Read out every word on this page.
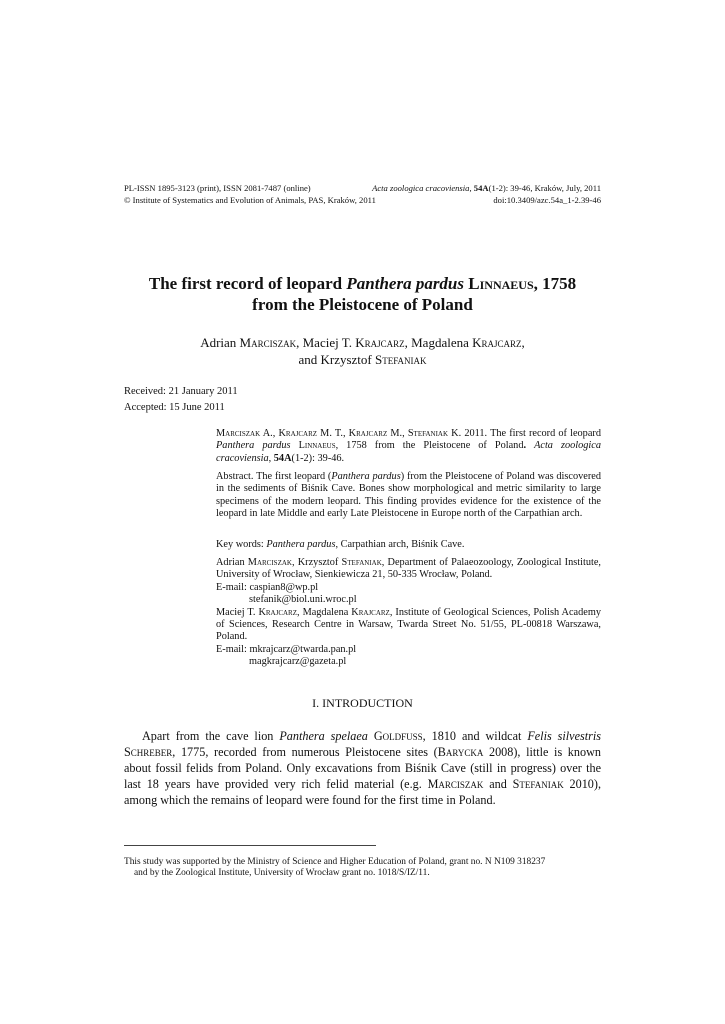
PL-ISSN 1895-3123 (print), ISSN 2081-7487 (online)	Acta zoologica cracoviensia, 54A(1-2): 39-46, Kraków, July, 2011
© Institute of Systematics and Evolution of Animals, PAS, Kraków, 2011	doi:10.3409/azc.54a_1-2.39-46
The first record of leopard Panthera pardus Linnaeus, 1758
from the Pleistocene of Poland
Adrian Marciszak, Maciej T. Krajcarz, Magdalena Krajcarz,
and Krzysztof Stefaniak
Received: 21 January 2011
Accepted: 15 June 2011
Marciszak A., Krajcarz M. T., Krajcarz M., Stefaniak K. 2011. The first record of leopard Panthera pardus Linnaeus, 1758 from the Pleistocene of Poland. Acta zoologica cracoviensia, 54A(1-2): 39-46.
Abstract. The first leopard (Panthera pardus) from the Pleistocene of Poland was discovered in the sediments of Biśnik Cave. Bones show morphological and metric similarity to large specimens of the modern leopard. This finding provides evidence for the existence of the leopard in late Middle and early Late Pleistocene in Europe north of the Carpathian arch.
Key words: Panthera pardus, Carpathian arch, Biśnik Cave.
Adrian Marciszak, Krzysztof Stefaniak, Department of Palaeozoology, Zoological Institute, University of Wrocław, Sienkiewicza 21, 50-335 Wrocław, Poland.
E-mail: caspian8@wp.pl
stefanik@biol.uni.wroc.pl
Maciej T. Krajcarz, Magdalena Krajcarz, Institute of Geological Sciences, Polish Academy of Sciences, Research Centre in Warsaw, Twarda Street No. 51/55, PL-00818 Warszawa, Poland.
E-mail: mkrajcarz@twarda.pan.pl
magkrajcarz@gazeta.pl
I. INTRODUCTION
Apart from the cave lion Panthera spelaea Goldfuss, 1810 and wildcat Felis silvestris Schreber, 1775, recorded from numerous Pleistocene sites (Barycka 2008), little is known about fossil felids from Poland. Only excavations from Biśnik Cave (still in progress) over the last 18 years have provided very rich felid material (e.g. Marciszak and Stefaniak 2010), among which the remains of leopard were found for the first time in Poland.
This study was supported by the Ministry of Science and Higher Education of Poland, grant no. N N109 318237

and by the Zoological Institute, University of Wrocław grant no. 1018/S/IZ/11.
